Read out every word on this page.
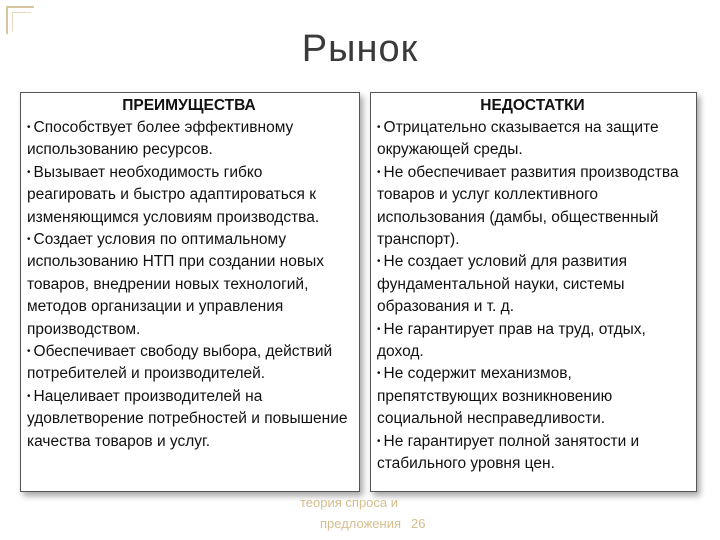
Рынок
ПРЕИМУЩЕСТВА

• Способствует более эффективному использованию ресурсов.

• Вызывает необходимость гибко реагировать и быстро адаптироваться к изменяющимся условиям производства.

• Создает условия по оптимальному использованию НТП при создании новых товаров, внедрении новых технологий, методов организации и управления производством.

• Обеспечивает свободу выбора, действий потребителей и производителей.

• Нацеливает производителей на удовлетворение потребностей и повышение качества товаров и услуг.

НЕДОСТАТКИ

• Отрицательно сказывается на защите окружающей среды.

• Не обеспечивает развития производства товаров и услуг коллективного использования (дамбы, общественный транспорт).

• Не создает условий для развития фундаментальной науки, системы образования и т. д.

• Не гарантирует прав на труд, отдых, доход.

• Не содержит механизмов, препятствующих возникновению социальной несправедливости.

• Не гарантирует полной занятости и стабильного уровня цен.

теория спроса и
предложения 26
